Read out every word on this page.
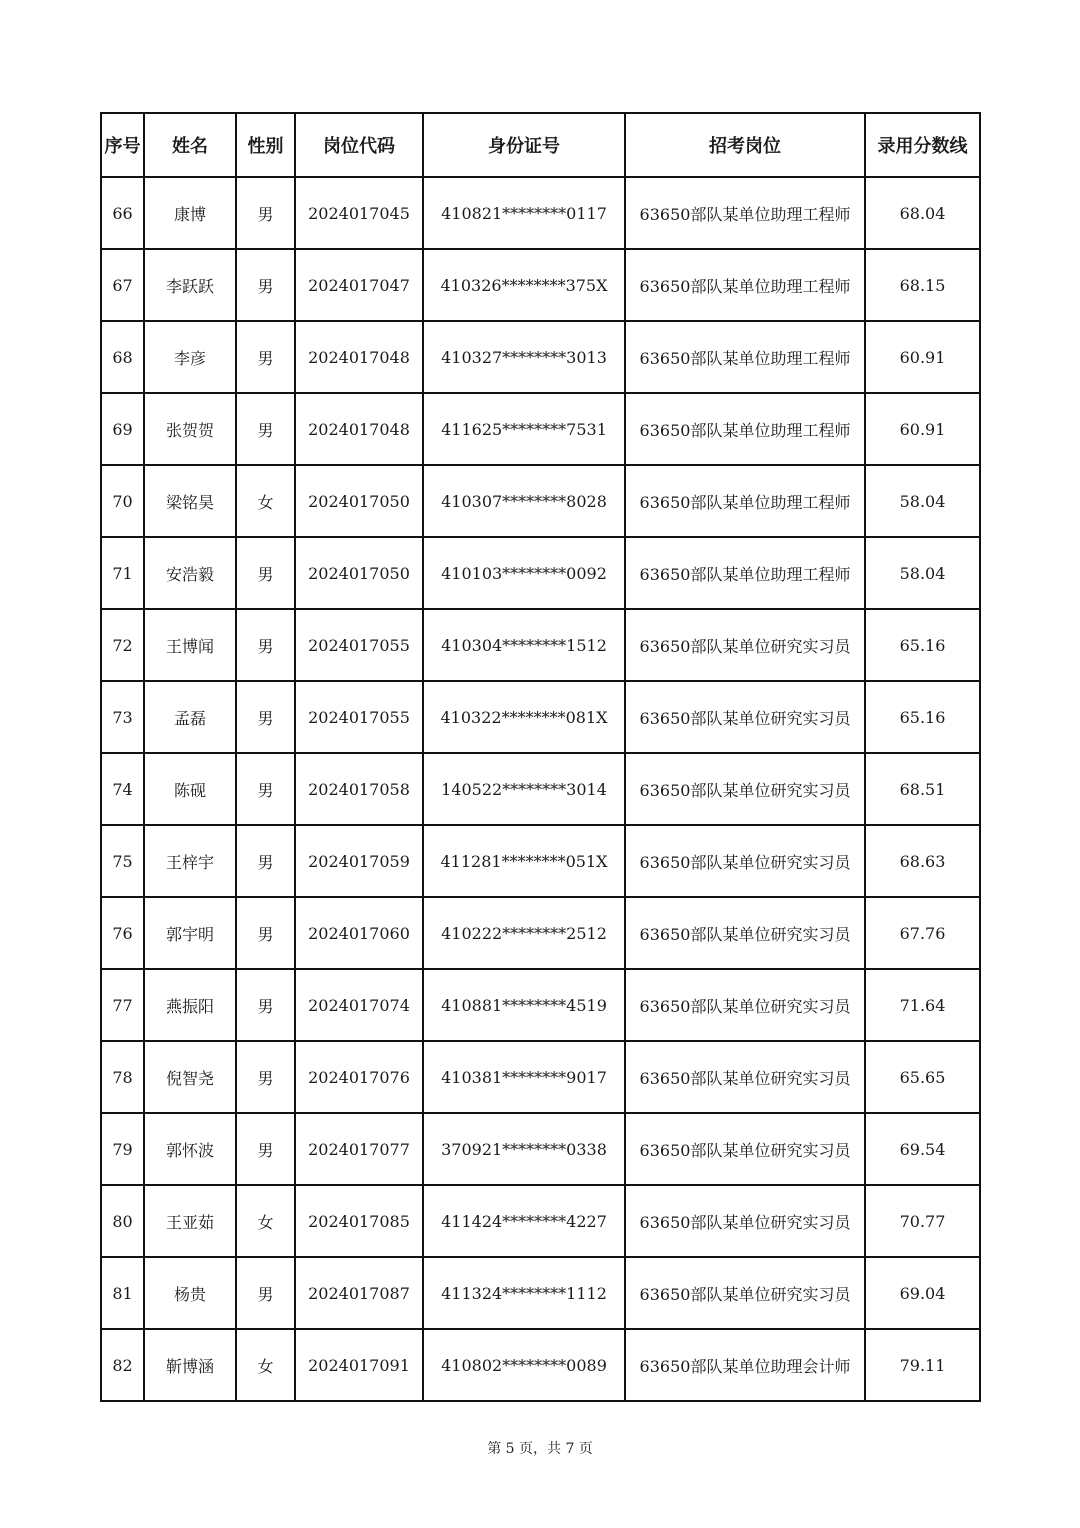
序号	姓名	性别	岗位代码	身份证号	招考岗位	录用分数线
66	康博	男	2024017045	410821********0117	63650部队某单位助理工程师	68.04
67	李跃跃	男	2024017047	410326********375X	63650部队某单位助理工程师	68.15
68	李彦	男	2024017048	410327********3013	63650部队某单位助理工程师	60.91
69	张贺贺	男	2024017048	411625********7531	63650部队某单位助理工程师	60.91
70	梁铭昊	女	2024017050	410307********8028	63650部队某单位助理工程师	58.04
71	安浩毅	男	2024017050	410103********0092	63650部队某单位助理工程师	58.04
72	王博闻	男	2024017055	410304********1512	63650部队某单位研究实习员	65.16
73	孟磊	男	2024017055	410322********081X	63650部队某单位研究实习员	65.16
74	陈砚	男	2024017058	140522********3014	63650部队某单位研究实习员	68.51
75	王梓宇	男	2024017059	411281********051X	63650部队某单位研究实习员	68.63
76	郭宇明	男	2024017060	410222********2512	63650部队某单位研究实习员	67.76
77	燕振阳	男	2024017074	410881********4519	63650部队某单位研究实习员	71.64
78	倪智尧	男	2024017076	410381********9017	63650部队某单位研究实习员	65.65
79	郭怀波	男	2024017077	370921********0338	63650部队某单位研究实习员	69.54
80	王亚茹	女	2024017085	411424********4227	63650部队某单位研究实习员	70.77
81	杨贵	男	2024017087	411324********1112	63650部队某单位研究实习员	69.04
82	靳博涵	女	2024017091	410802********0089	63650部队某单位助理会计师	79.11
第 5 页，共 7 页
